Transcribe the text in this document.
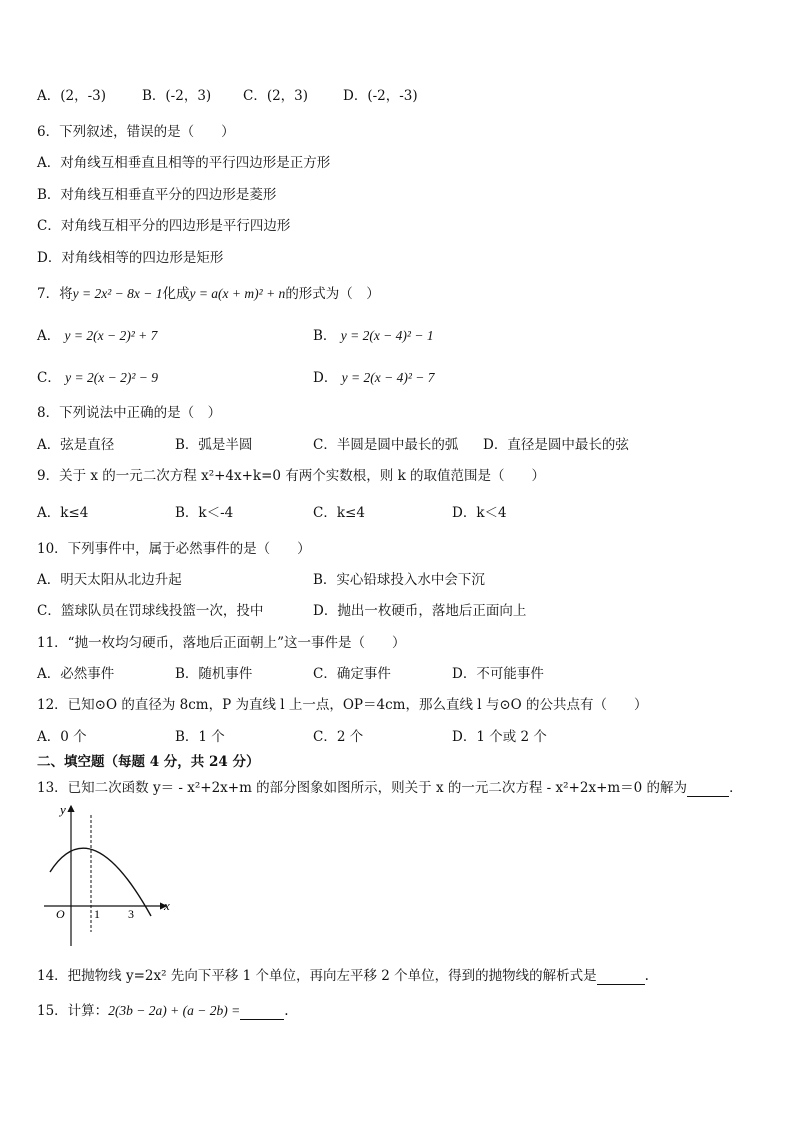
A．(2，-3)	B．(-2，3) C．(2，3)	D．(-2，-3)
6．下列叙述，错误的是（　　）
A．对角线互相垂直且相等的平行四边形是正方形
B．对角线互相垂直平分的四边形是菱形
C．对角线互相平分的四边形是平行四边形
D．对角线相等的四边形是矩形
7．将y = 2x² − 8x − 1化成y = a(x + m)² + n的形式为（　）
A． y = 2(x − 2)² + 7	B． y = 2(x − 4)² − 1
C． y = 2(x − 2)² − 9	D． y = 2(x − 4)² − 7
8．下列说法中正确的是（　）
A．弦是直径	B．弧是半圆	C．半圆是圆中最长的弧 D．直径是圆中最长的弦
9．关于 x 的一元二次方程 x²+4x+k=0 有两个实数根，则 k 的取值范围是（　　）
A．k≤4	B．k＜-4	C．k≤4	D．k＜4
10．下列事件中，属于必然事件的是（　　）
A．明天太阳从北边升起	B．实心铅球投入水中会下沉
C．篮球队员在罚球线投篮一次，投中	D．抛出一枚硬币，落地后正面向上
11．“抛一枚均匀硬币，落地后正面朝上”这一事件是（　　）
A．必然事件	B．随机事件	C．确定事件	D．不可能事件
12．已知⊙O 的直径为 8cm，P 为直线 l 上一点，OP＝4cm，那么直线 l 与⊙O 的公共点有（　　）
A．0 个	B．1 个	C．2 个	D．1 个或 2 个
二、填空题（每题 4 分，共 24 分）
13．已知二次函数 y＝ - x²+2x+m 的部分图象如图所示，则关于 x 的一元二次方程 - x²+2x+m＝0 的解为	．
y
x
O 1 3
14．把抛物线 y=2x² 先向下平移 1 个单位，再向左平移 2 个单位，得到的抛物线的解析式是	.
15．计算：2(3b − 2a) + (a − 2b) =	.
